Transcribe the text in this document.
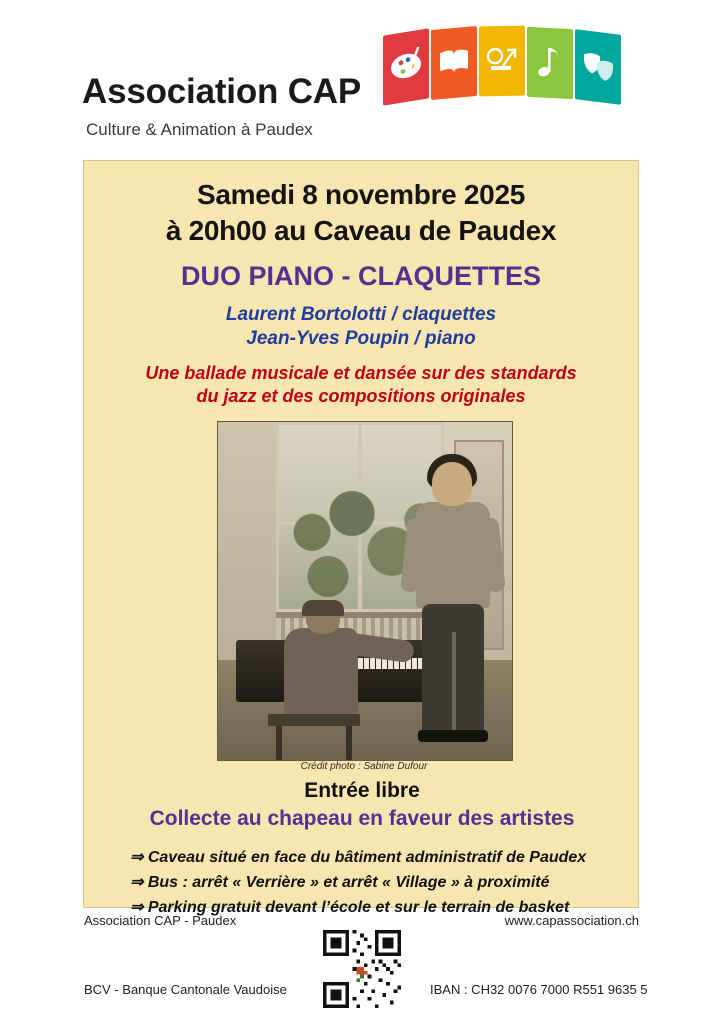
Association CAP
Culture & Animation à Paudex
Samedi 8 novembre 2025
à 20h00 au Caveau de Paudex
DUO PIANO - CLAQUETTES
Laurent Bortolotti / claquettes
Jean-Yves Poupin / piano
Une ballade musicale et dansée sur des standards
du jazz et des compositions originales
Crédit photo : Sabine Dufour
Entrée libre
Collecte au chapeau en faveur des artistes
⇒ Caveau situé en face du bâtiment administratif de Paudex
⇒ Bus : arrêt « Verrière » et arrêt « Village » à proximité
⇒ Parking gratuit devant l’école et sur le terrain de basket
Association CAP - Paudex	www.capassociation.ch
BCV - Banque Cantonale Vaudoise	IBAN : CH32 0076 7000 R551 9635 5
